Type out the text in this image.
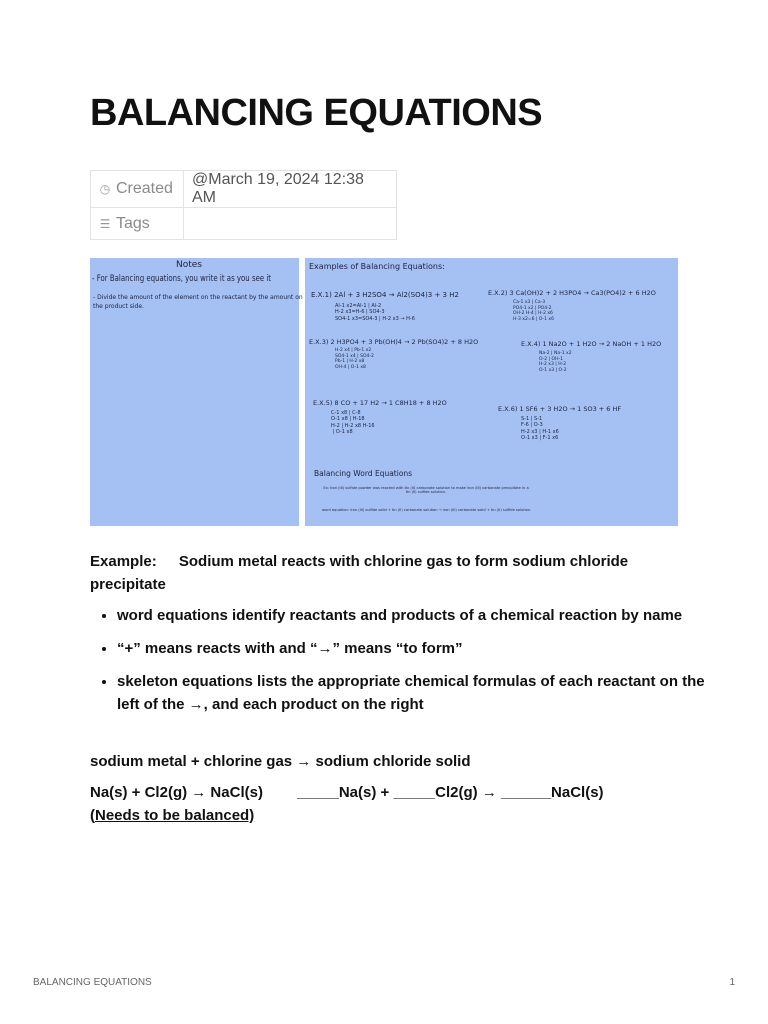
BALANCING EQUATIONS
◷ Created	@March 19, 2024 12:38 AM
☰ Tags	
Notes
- For Balancing equations, you write it as you see it
- Divide the amount of the element on the reactant by the amount on
the product side.
Examples of Balancing Equations:
E.X.1) 2Al + 3 H2SO4 → Al2(SO4)3 + 3 H2
Al-1 x2=Al-1 | Al-2
H-2 x3=H-6 | SO4-3
SO4-1 x3=SO4-3 | H-2 x3 → H-6
E.X.2) 3 Ca(OH)2 + 2 H3PO4 → Ca3(PO4)2 + 6 H2O
Ca-1 x3 | Ca-3
PO4-1 x2 | PO4-2
OH-2 H-4 | H-2 x6
H-3 x2=6 | O-1 x6
E.X.3) 2 H3PO4 + 3 Pb(OH)4 → 2 Pb(SO4)2 + 8 H2O
H-2 x4 | Pb-1 x2
SO4-1 x4 | SO4-2
Pb-1 | H-2 x8
OH-4 | O-1 x8
E.X.4) 1 Na2O + 1 H2O → 2 NaOH + 1 H2O
Na-2 | Na-1 x2
O-2 | OH-1
H-2 x3 | H-2
O-1 x3 | O-2
E.X.5) 8 CO + 17 H2 → 1 C8H18 + 8 H2O
C-1 x8 | C-8
O-1 x8 | H-18
H-2 | H-2 x8 H-16
| O-1 x8
E.X.6) 1 SF6 + 3 H2O → 1 SO3 + 6 HF
S-1 | S-1
F-6 | O-3
H-2 x3 | H-1 x6
O-1 x3 | F-1 x6
Balancing Word Equations
Ex: Iron (III) sulfide powder was reacted with tin (II) carbonate solution to make iron (III) carbonate precipitate in a tin (II) sulfide solution.
word equation: iron (III) sulfide solid + tin (II) carbonate solution → iron (III) carbonate solid + tin (II) sulfide solution.
Example: Sodium metal reacts with chlorine gas to form sodium chloride precipitate
• word equations identify reactants and products of a chemical reaction by name
• “+” means reacts with and “→” means “to form”
• skeleton equations lists the appropriate chemical formulas of each reactant on the left of the →, and each product on the right
sodium metal + chlorine gas → sodium chloride solid
Na(s) + Cl2(g) → NaCl(s) _____Na(s) + _____Cl2(g) → ______NaCl(s)
(Needs to be balanced)
BALANCING EQUATIONS	1
